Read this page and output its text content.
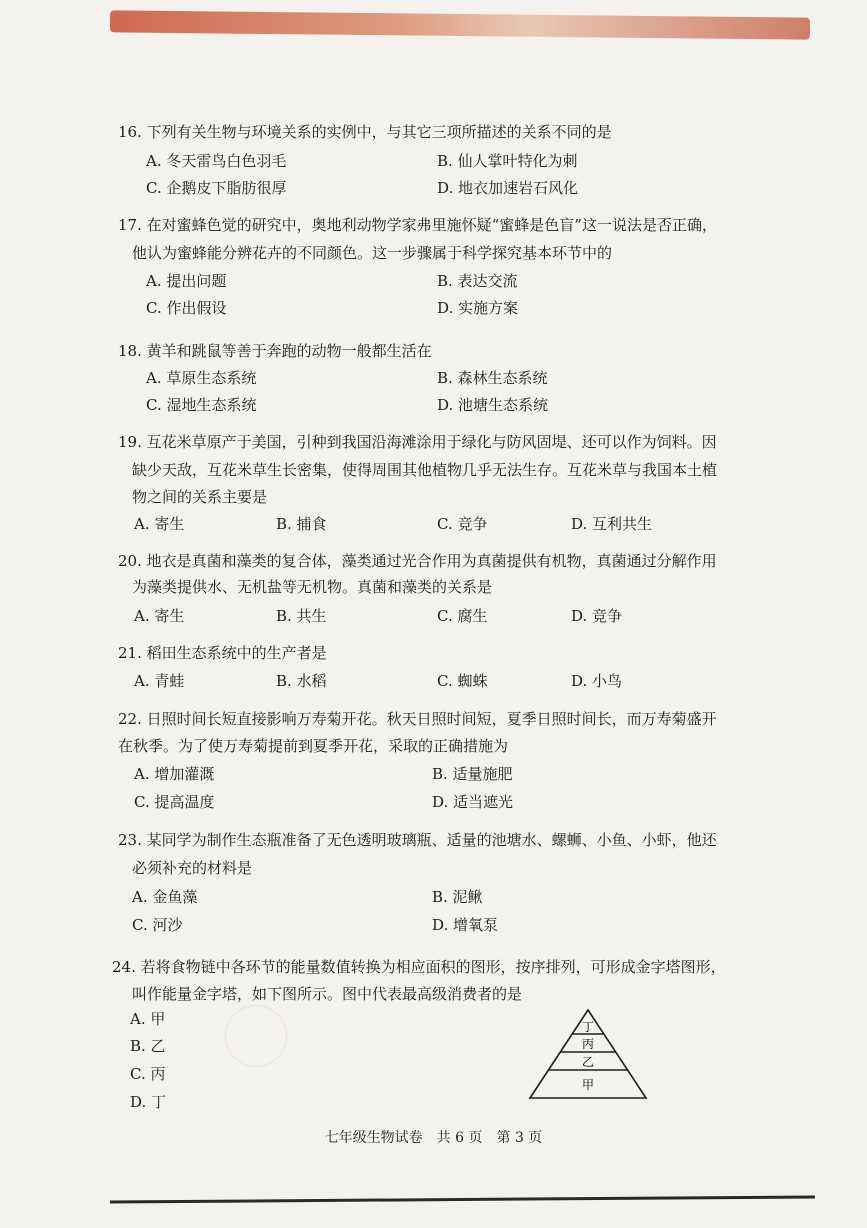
16. 下列有关生物与环境关系的实例中，与其它三项所描述的关系不同的是
A. 冬天雷鸟白色羽毛	B. 仙人掌叶特化为刺
C. 企鹅皮下脂肪很厚	D. 地衣加速岩石风化
17. 在对蜜蜂色觉的研究中，奥地利动物学家弗里施怀疑“蜜蜂是色盲”这一说法是否正确，
他认为蜜蜂能分辨花卉的不同颜色。这一步骤属于科学探究基本环节中的
A. 提出问题	B. 表达交流
C. 作出假设	D. 实施方案
18. 黄羊和跳鼠等善于奔跑的动物一般都生活在
A. 草原生态系统	B. 森林生态系统
C. 湿地生态系统	D. 池塘生态系统
19. 互花米草原产于美国，引种到我国沿海滩涂用于绿化与防风固堤、还可以作为饲料。因
缺少天敌，互花米草生长密集，使得周围其他植物几乎无法生存。互花米草与我国本土植
物之间的关系主要是
A. 寄生	B. 捕食	C. 竞争	D. 互利共生
20. 地衣是真菌和藻类的复合体，藻类通过光合作用为真菌提供有机物，真菌通过分解作用
为藻类提供水、无机盐等无机物。真菌和藻类的关系是
A. 寄生	B. 共生	C. 腐生	D. 竞争
21. 稻田生态系统中的生产者是
A. 青蛙	B. 水稻	C. 蜘蛛	D. 小鸟
22. 日照时间长短直接影响万寿菊开花。秋天日照时间短，夏季日照时间长，而万寿菊盛开
在秋季。为了使万寿菊提前到夏季开花，采取的正确措施为
A. 增加灌溉	B. 适量施肥
C. 提高温度	D. 适当遮光
23. 某同学为制作生态瓶准备了无色透明玻璃瓶、适量的池塘水、螺蛳、小鱼、小虾，他还
必须补充的材料是
A. 金鱼藻	B. 泥鳅
C. 河沙	D. 增氧泵
24. 若将食物链中各环节的能量数值转换为相应面积的图形，按序排列，可形成金字塔图形，
叫作能量金字塔，如下图所示。图中代表最高级消费者的是
A. 甲
B. 乙
C. 丙
D. 丁
丁
丙
乙
甲
七年级生物试卷　共 6 页　第 3 页
